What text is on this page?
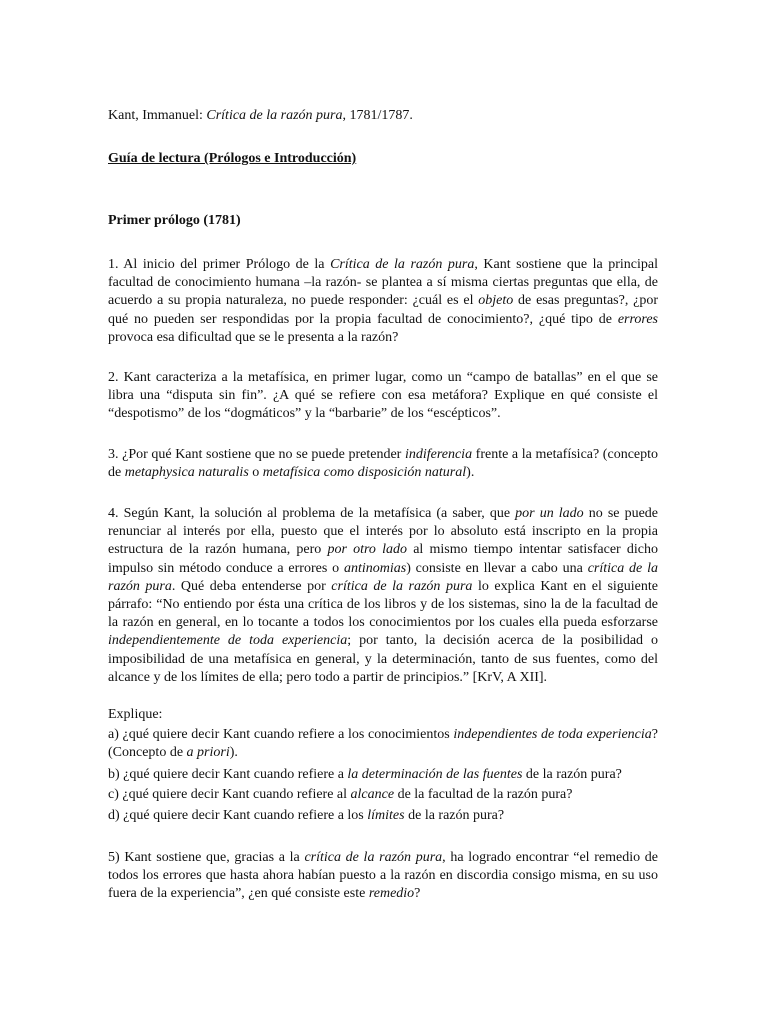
Kant, Immanuel: Crítica de la razón pura, 1781/1787.

Guía de lectura (Prólogos e Introducción)

Primer prólogo (1781)

1. Al inicio del primer Prólogo de la Crítica de la razón pura, Kant sostiene que la principal facultad de conocimiento humana –la razón- se plantea a sí misma ciertas preguntas que ella, de acuerdo a su propia naturaleza, no puede responder: ¿cuál es el objeto de esas preguntas?, ¿por qué no pueden ser respondidas por la propia facultad de conocimiento?, ¿qué tipo de errores provoca esa dificultad que se le presenta a la razón?

2. Kant caracteriza a la metafísica, en primer lugar, como un “campo de batallas” en el que se libra una “disputa sin fin”. ¿A qué se refiere con esa metáfora? Explique en qué consiste el “despotismo” de los “dogmáticos” y la “barbarie” de los “escépticos”.

3. ¿Por qué Kant sostiene que no se puede pretender indiferencia frente a la metafísica? (concepto de metaphysica naturalis o metafísica como disposición natural).

4. Según Kant, la solución al problema de la metafísica (a saber, que por un lado no se puede renunciar al interés por ella, puesto que el interés por lo absoluto está inscripto en la propia estructura de la razón humana, pero por otro lado al mismo tiempo intentar satisfacer dicho impulso sin método conduce a errores o antinomias) consiste en llevar a cabo una crítica de la razón pura. Qué deba entenderse por crítica de la razón pura lo explica Kant en el siguiente párrafo: “No entiendo por ésta una crítica de los libros y de los sistemas, sino la de la facultad de la razón en general, en lo tocante a todos los conocimientos por los cuales ella pueda esforzarse independientemente de toda experiencia; por tanto, la decisión acerca de la posibilidad o imposibilidad de una metafísica en general, y la determinación, tanto de sus fuentes, como del alcance y de los límites de ella; pero todo a partir de principios.” [KrV, A XII].

Explique:

a) ¿qué quiere decir Kant cuando refiere a los conocimientos independientes de toda experiencia? (Concepto de a priori).

b) ¿qué quiere decir Kant cuando refiere a la determinación de las fuentes de la razón pura?

c) ¿qué quiere decir Kant cuando refiere al alcance de la facultad de la razón pura?

d) ¿qué quiere decir Kant cuando refiere a los límites de la razón pura?

5) Kant sostiene que, gracias a la crítica de la razón pura, ha logrado encontrar “el remedio de todos los errores que hasta ahora habían puesto a la razón en discordia consigo misma, en su uso fuera de la experiencia”, ¿en qué consiste este remedio?
